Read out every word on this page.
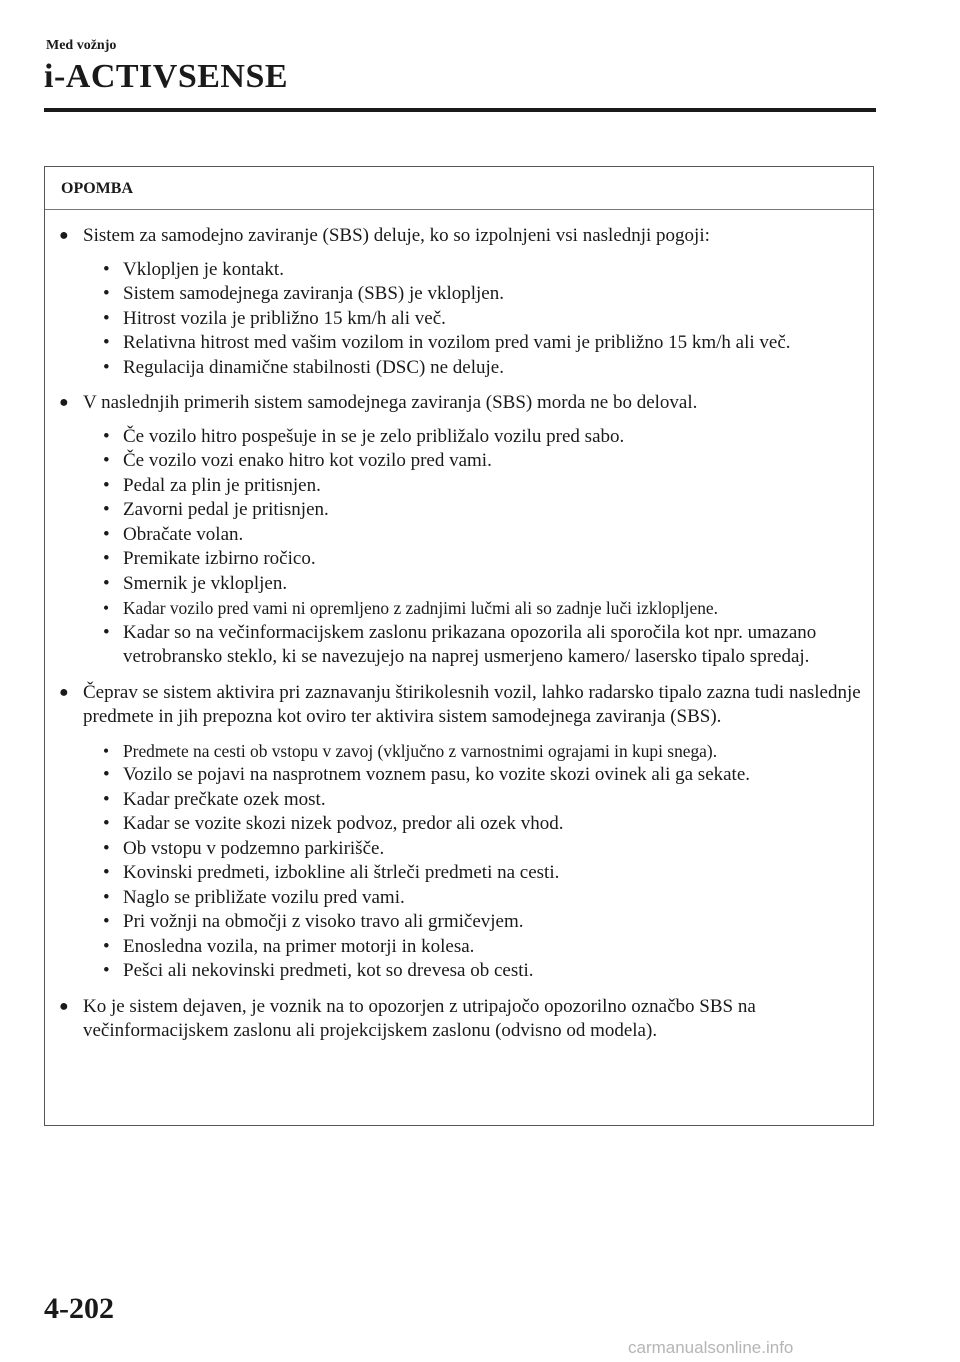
Med vožnjo
i-ACTIVSENSE
OPOMBA
● Sistem za samodejno zaviranje (SBS) deluje, ko so izpolnjeni vsi naslednji pogoji:
• Vklopljen je kontakt.
• Sistem samodejnega zaviranja (SBS) je vklopljen.
• Hitrost vozila je približno 15 km/h ali več.
• Relativna hitrost med vašim vozilom in vozilom pred vami je približno 15 km/h ali več.
• Regulacija dinamične stabilnosti (DSC) ne deluje.
● V naslednjih primerih sistem samodejnega zaviranja (SBS) morda ne bo deloval.
• Če vozilo hitro pospešuje in se je zelo približalo vozilu pred sabo.
• Če vozilo vozi enako hitro kot vozilo pred vami.
• Pedal za plin je pritisnjen.
• Zavorni pedal je pritisnjen.
• Obračate volan.
• Premikate izbirno ročico.
• Smernik je vklopljen.
• Kadar vozilo pred vami ni opremljeno z zadnjimi lučmi ali so zadnje luči izklopljene.
• Kadar so na večinformacijskem zaslonu prikazana opozorila ali sporočila kot npr. umazano vetrobransko steklo, ki se navezujejo na naprej usmerjeno kamero/ lasersko tipalo spredaj.
● Čeprav se sistem aktivira pri zaznavanju štirikolesnih vozil, lahko radarsko tipalo zazna tudi naslednje predmete in jih prepozna kot oviro ter aktivira sistem samodejnega zaviranja (SBS).
• Predmete na cesti ob vstopu v zavoj (vključno z varnostnimi ograjami in kupi snega).
• Vozilo se pojavi na nasprotnem voznem pasu, ko vozite skozi ovinek ali ga sekate.
• Kadar prečkate ozek most.
• Kadar se vozite skozi nizek podvoz, predor ali ozek vhod.
• Ob vstopu v podzemno parkirišče.
• Kovinski predmeti, izbokline ali štrleči predmeti na cesti.
• Naglo se približate vozilu pred vami.
• Pri vožnji na območji z visoko travo ali grmičevjem.
• Enosledna vozila, na primer motorji in kolesa.
• Pešci ali nekovinski predmeti, kot so drevesa ob cesti.
● Ko je sistem dejaven, je voznik na to opozorjen z utripajočo opozorilno označbo SBS na večinformacijskem zaslonu ali projekcijskem zaslonu (odvisno od modela).
4-202
carmanualsonline.info
